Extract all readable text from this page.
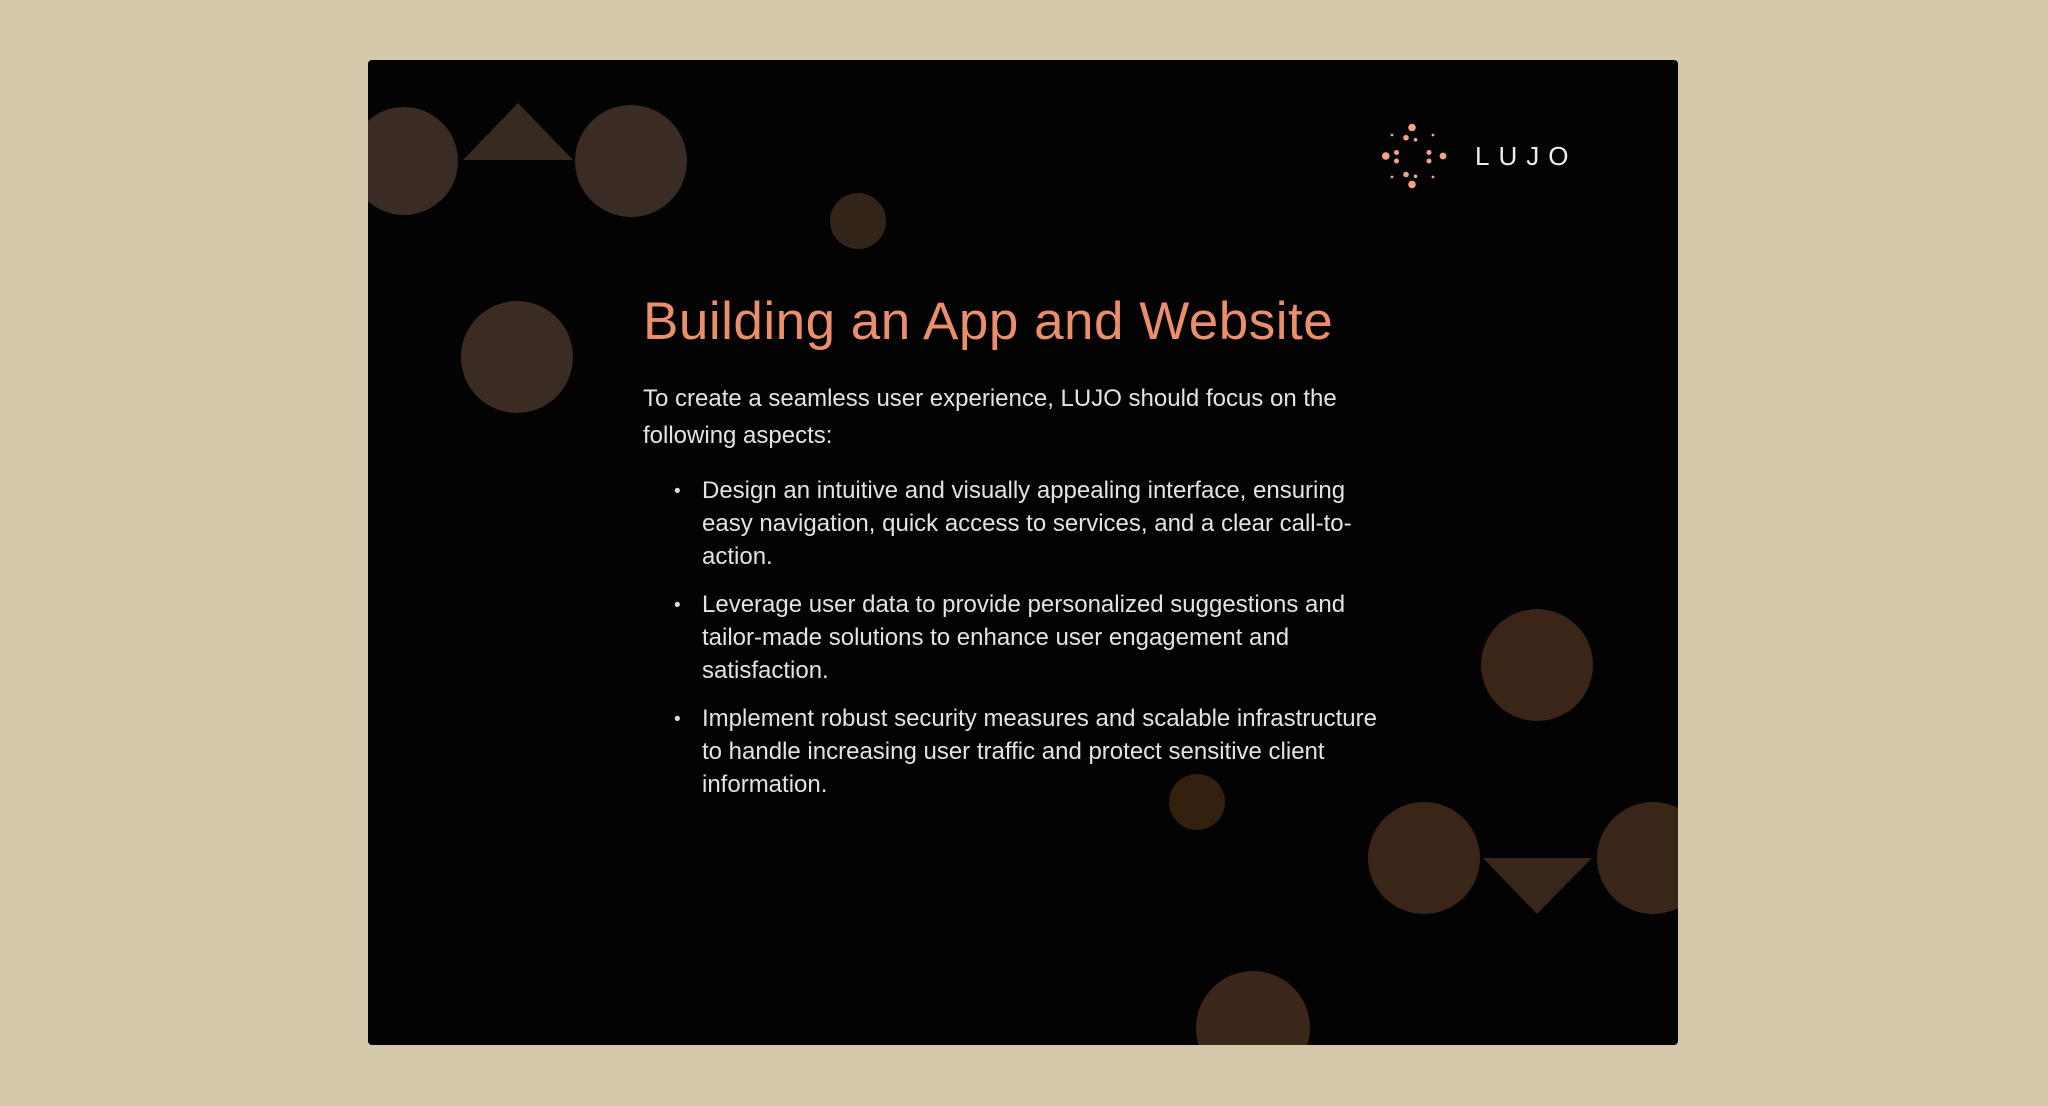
LUJO
Building an App and Website

To create a seamless user experience, LUJO should focus on the following aspects:

• Design an intuitive and visually appealing interface, ensuring easy navigation, quick access to services, and a clear call-to-action.
• Leverage user data to provide personalized suggestions and tailor-made solutions to enhance user engagement and satisfaction.
• Implement robust security measures and scalable infrastructure to handle increasing user traffic and protect sensitive client information.
